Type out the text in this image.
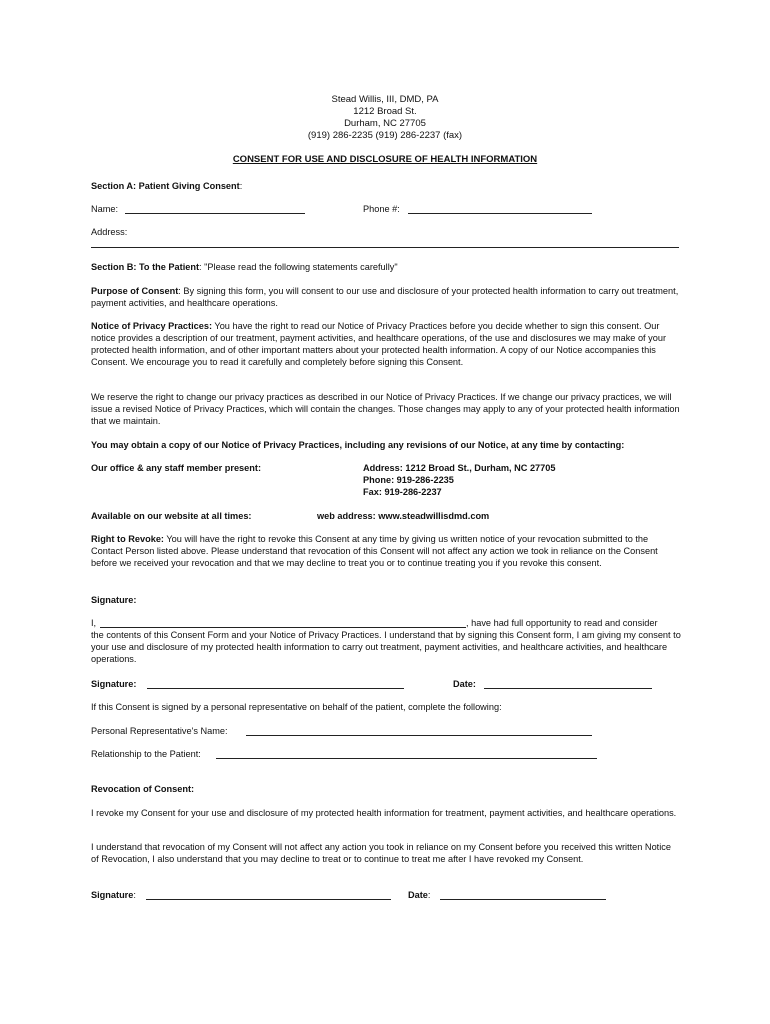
Stead Willis, III, DMD, PA
1212 Broad St.
Durham, NC 27705
(919) 286-2235 (919) 286-2237 (fax)
CONSENT FOR USE AND DISCLOSURE OF HEALTH INFORMATION
Section A: Patient Giving Consent:
Name:	Phone #:
Address:
Section B: To the Patient: "Please read the following statements carefully"
Purpose of Consent: By signing this form, you will consent to our use and disclosure of your protected health information to carry out treatment, payment activities, and healthcare operations.
Notice of Privacy Practices: You have the right to read our Notice of Privacy Practices before you decide whether to sign this consent. Our notice provides a description of our treatment, payment activities, and healthcare operations, of the use and disclosures we may make of your protected health information, and of other important matters about your protected health information. A copy of our Notice accompanies this Consent. We encourage you to read it carefully and completely before signing this Consent.
We reserve the right to change our privacy practices as described in our Notice of Privacy Practices. If we change our privacy practices, we will issue a revised Notice of Privacy Practices, which will contain the changes. Those changes may apply to any of your protected health information that we maintain.
You may obtain a copy of our Notice of Privacy Practices, including any revisions of our Notice, at any time by contacting:
Our office & any staff member present:	Address: 1212 Broad St., Durham, NC 27705
Phone: 919-286-2235
Fax: 919-286-2237
Available on our website at all times:	web address: www.steadwillisdmd.com
Right to Revoke: You will have the right to revoke this Consent at any time by giving us written notice of your revocation submitted to the Contact Person listed above. Please understand that revocation of this Consent will not affect any action we took in reliance on the Consent before we received your revocation and that we may decline to treat you or to continue treating you if you revoke this consent.
Signature:
I,	, have had full opportunity to read and consider
the contents of this Consent Form and your Notice of Privacy Practices. I understand that by signing this Consent form, I am giving my consent to your use and disclosure of my protected health information to carry out treatment, payment activities, and healthcare activities, and healthcare operations.
Signature:	Date:
If this Consent is signed by a personal representative on behalf of the patient, complete the following:
Personal Representative's Name:
Relationship to the Patient:
Revocation of Consent:
I revoke my Consent for your use and disclosure of my protected health information for treatment, payment activities, and healthcare operations.
I understand that revocation of my Consent will not affect any action you took in reliance on my Consent before you received this written Notice of Revocation, I also understand that you may decline to treat or to continue to treat me after I have revoked my Consent.
Signature:	Date:
